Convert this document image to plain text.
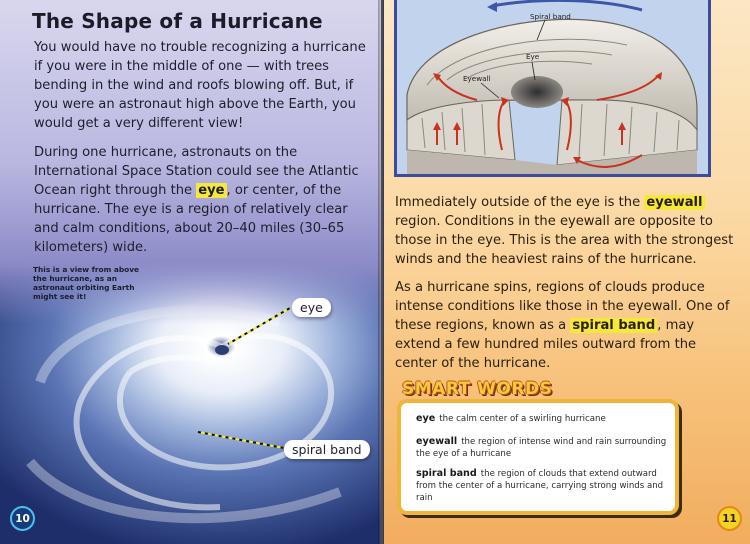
The Shape of a Hurricane
You would have no trouble recognizing a hurricane if you were in the middle of one — with trees bending in the wind and roofs blowing off. But, if you were an astronaut high above the Earth, you would get a very different view!
During one hurricane, astronauts on the International Space Station could see the Atlantic Ocean right through the eye , or center, of the hurricane. The eye is a region of relatively clear and calm conditions, about 20–40 miles (30–65 kilometers) wide.
This is a view from above the hurricane, as an astronaut orbiting Earth might see it!
eye
spiral band
10
Spiral band
Eye
Eyewall
Immediately outside of the eye is the eyewall region. Conditions in the eyewall are opposite to those in the eye. This is the area with the strongest winds and the heaviest rains of the hurricane.
As a hurricane spins, regions of clouds produce intense conditions like those in the eyewall. One of these regions, known as a spiral band , may extend a few hundred miles outward from the center of the hurricane.
eye the calm center of a swirling hurricane
eyewall the region of intense wind and rain surrounding the eye of a hurricane
spiral band the region of clouds that extend outward from the center of a hurricane, carrying strong winds and rain
SMART WORDS
11
